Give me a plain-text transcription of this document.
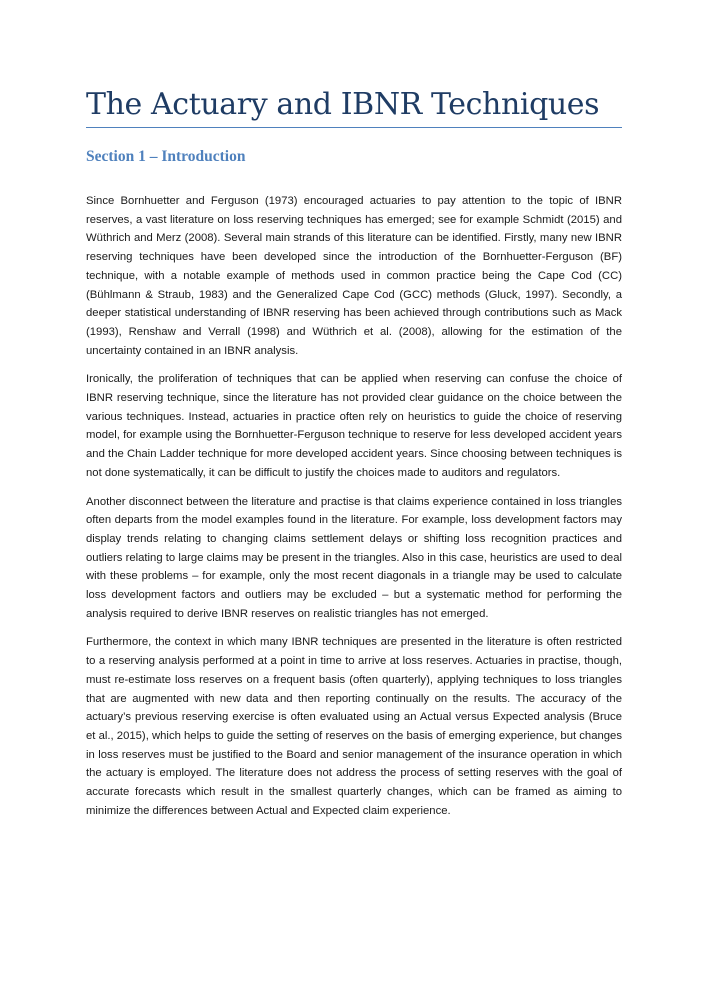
The Actuary and IBNR Techniques
Section 1 – Introduction

Since Bornhuetter and Ferguson (1973) encouraged actuaries to pay attention to the topic of IBNR reserves, a vast literature on loss reserving techniques has emerged; see for example Schmidt (2015) and Wüthrich and Merz (2008). Several main strands of this literature can be identified. Firstly, many new IBNR reserving techniques have been developed since the introduction of the Bornhuetter-Ferguson (BF) technique, with a notable example of methods used in common practice being the Cape Cod (CC) (Bühlmann & Straub, 1983) and the Generalized Cape Cod (GCC) methods (Gluck, 1997). Secondly, a deeper statistical understanding of IBNR reserving has been achieved through contributions such as Mack (1993), Renshaw and Verrall (1998) and Wüthrich et al. (2008), allowing for the estimation of the uncertainty contained in an IBNR analysis.

Ironically, the proliferation of techniques that can be applied when reserving can confuse the choice of IBNR reserving technique, since the literature has not provided clear guidance on the choice between the various techniques. Instead, actuaries in practice often rely on heuristics to guide the choice of reserving model, for example using the Bornhuetter-Ferguson technique to reserve for less developed accident years and the Chain Ladder technique for more developed accident years. Since choosing between techniques is not done systematically, it can be difficult to justify the choices made to auditors and regulators.

Another disconnect between the literature and practise is that claims experience contained in loss triangles often departs from the model examples found in the literature. For example, loss development factors may display trends relating to changing claims settlement delays or shifting loss recognition practices and outliers relating to large claims may be present in the triangles. Also in this case, heuristics are used to deal with these problems – for example, only the most recent diagonals in a triangle may be used to calculate loss development factors and outliers may be excluded – but a systematic method for performing the analysis required to derive IBNR reserves on realistic triangles has not emerged.

Furthermore, the context in which many IBNR techniques are presented in the literature is often restricted to a reserving analysis performed at a point in time to arrive at loss reserves. Actuaries in practise, though, must re-estimate loss reserves on a frequent basis (often quarterly), applying techniques to loss triangles that are augmented with new data and then reporting continually on the results. The accuracy of the actuary’s previous reserving exercise is often evaluated using an Actual versus Expected analysis (Bruce et al., 2015), which helps to guide the setting of reserves on the basis of emerging experience, but changes in loss reserves must be justified to the Board and senior management of the insurance operation in which the actuary is employed. The literature does not address the process of setting reserves with the goal of accurate forecasts which result in the smallest quarterly changes, which can be framed as aiming to minimize the differences between Actual and Expected claim experience.
